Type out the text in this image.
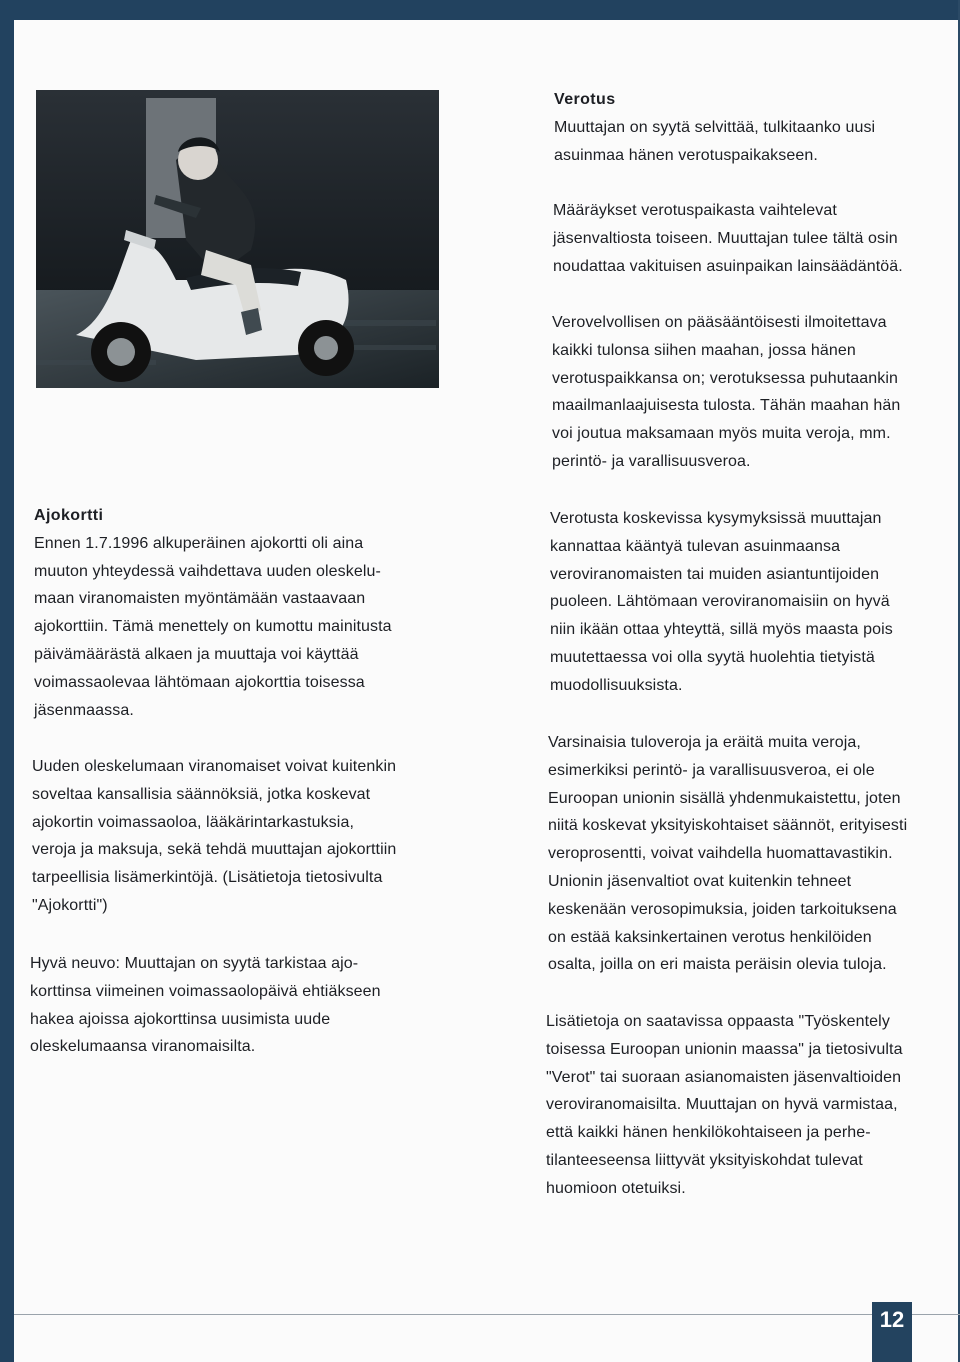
Verotus

Muuttajan on syytä selvittää, tulkitaanko uusi
asuinmaa hänen verotuspaikakseen.

Määräykset verotuspaikasta vaihtelevat
jäsenvaltiosta toiseen. Muuttajan tulee tältä osin
noudattaa vakituisen asuinpaikan lainsäädäntöä.

Verovelvollisen on pääsääntöisesti ilmoitettava
kaikki tulonsa siihen maahan, jossa hänen
verotuspaikkansa on; verotuksessa puhutaankin
maailmanlaajuisesta tulosta. Tähän maahan hän
voi joutua maksamaan myös muita veroja, mm.
perintö- ja varallisuusveroa.

Verotusta koskevissa kysymyksissä muuttajan
kannattaa kääntyä tulevan asuinmaansa
veroviranomaisten tai muiden asiantuntijoiden
puoleen. Lähtömaan veroviranomaisiin on hyvä
niin ikään ottaa yhteyttä, sillä myös maasta pois
muutettaessa voi olla syytä huolehtia tietyistä
muodollisuuksista.

Varsinaisia tuloveroja ja eräitä muita veroja,
esimerkiksi perintö- ja varallisuusveroa, ei ole
Euroopan unionin sisällä yhdenmukaistettu, joten
niitä koskevat yksityiskohtaiset säännöt, erityisesti
veroprosentti, voivat vaihdella huomattavastikin.
Unionin jäsenvaltiot ovat kuitenkin tehneet
keskenään verosopimuksia, joiden tarkoituksena
on estää kaksinkertainen verotus henkilöiden
osalta, joilla on eri maista peräisin olevia tuloja.

Lisätietoja on saatavissa oppaasta "Työskentely
toisessa Euroopan unionin maassa" ja tietosivulta
"Verot" tai suoraan asianomaisten jäsenvaltioiden
veroviranomaisilta. Muuttajan on hyvä varmistaa,
että kaikki hänen henkilökohtaiseen ja perhe-
tilanteeseensa liittyvät yksityiskohdat tulevat
huomioon otetuiksi.

Ajokortti

Ennen 1.7.1996 alkuperäinen ajokortti oli aina
muuton yhteydessä vaihdettava uuden oleskelu-
maan viranomaisten myöntämään vastaavaan
ajokorttiin. Tämä menettely on kumottu mainitusta
päivämäärästä alkaen ja muuttaja voi käyttää
voimassaolevaa lähtömaan ajokorttia toisessa
jäsenmaassa.

Uuden oleskelumaan viranomaiset voivat kuitenkin
soveltaa kansallisia säännöksiä, jotka koskevat
ajokortin voimassaoloa, lääkärintarkastuksia,
veroja ja maksuja, sekä tehdä muuttajan ajokorttiin
tarpeellisia lisämerkintöjä. (Lisätietoja tietosivulta
"Ajokortti")

Hyvä neuvo: Muuttajan on syytä tarkistaa ajo-
korttinsa viimeinen voimassaolopäivä ehtiäkseen
hakea ajoissa ajokorttinsa uusimista uude
oleskelumaansa viranomaisilta.

12
